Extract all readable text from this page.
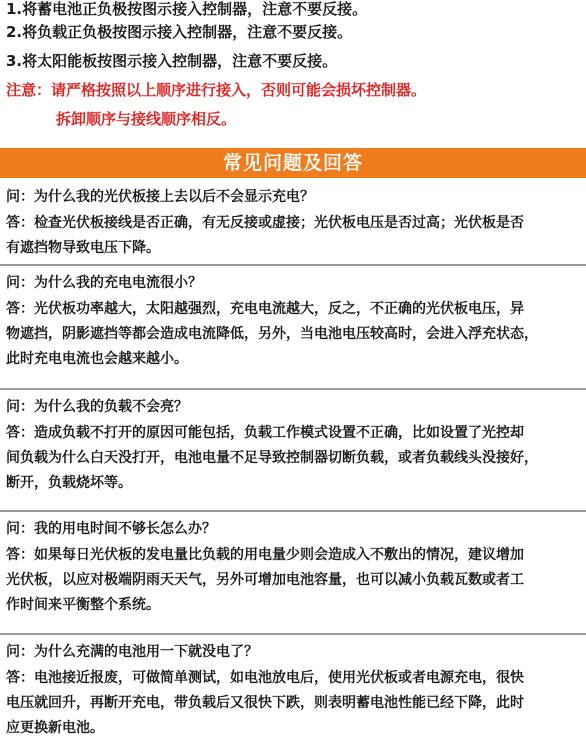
1.将蓄电池正负极按图示接入控制器，注意不要反接。
2.将负载正负极按图示接入控制器，注意不要反接。
3.将太阳能板按图示接入控制器，注意不要反接。
注意：请严格按照以上顺序进行接入，否则可能会损坏控制器。
拆卸顺序与接线顺序相反。
常见问题及回答
问：为什么我的光伏板接上去以后不会显示充电？
答：检查光伏板接线是否正确，有无反接或虚接；光伏板电压是否过高；光伏板是否
有遮挡物导致电压下降。
问：为什么我的充电电流很小？
答：光伏板功率越大，太阳越强烈，充电电流越大，反之，不正确的光伏板电压，异
物遮挡，阴影遮挡等都会造成电流降低，另外，当电池电压较高时，会进入浮充状态，
此时充电电流也会越来越小。
问：为什么我的负载不会亮？
答：造成负载不打开的原因可能包括，负载工作模式设置不正确，比如设置了光控却
间负载为什么白天没打开，电池电量不足导致控制器切断负载，或者负载线头没接好，
断开，负载烧坏等。
问：我的用电时间不够长怎么办？
答：如果每日光伏板的发电量比负载的用电量少则会造成入不敷出的情况，建议增加
光伏板，以应对极端阴雨天天气，另外可增加电池容量，也可以减小负载瓦数或者工
作时间来平衡整个系统。
问：为什么充满的电池用一下就没电了？
答：电池接近报废，可做简单测试，如电池放电后，使用光伏板或者电源充电，很快
电压就回升，再断开充电，带负载后又很快下跌，则表明蓄电池性能已经下降，此时
应更换新电池。
